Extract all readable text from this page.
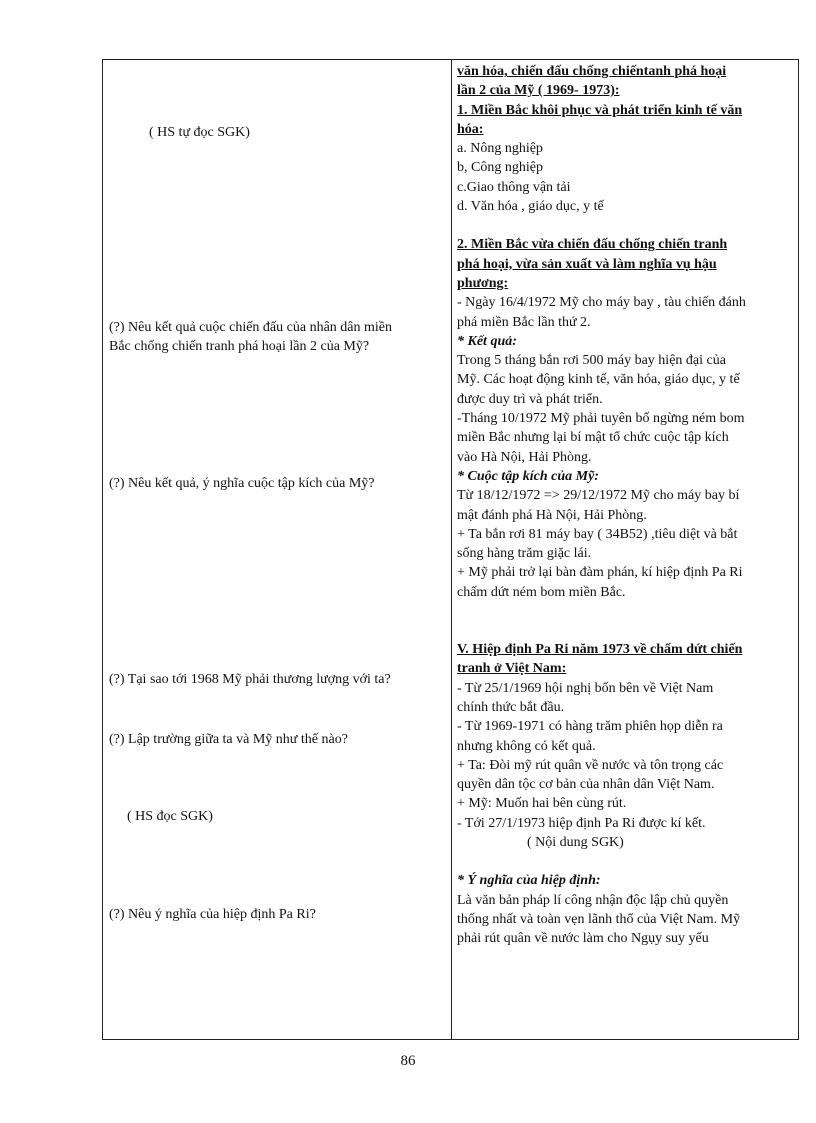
( HS tự đọc SGK)
(?) Nêu kết quả cuộc chiến đấu của nhân dân miền
Bắc chống chiến tranh phá hoại lần 2 của Mỹ?
(?) Nêu kết quả, ý nghĩa cuộc tập kích của Mỹ?
(?) Tại sao tới 1968 Mỹ phải thương lượng với ta?
(?) Lập trường giữa ta và Mỹ như thế nào?
( HS đọc SGK)
(?) Nêu ý nghĩa của hiệp định Pa Ri?
văn hóa, chiến đấu chống chiếntanh phá hoại
lần 2 của Mỹ ( 1969- 1973):
1. Miền Bắc khôi phục và phát triển kinh tế văn
hóa:
a. Nông nghiệp
b, Công nghiệp
c.Giao thông vận tải
d. Văn hóa , giáo dục, y tế
2. Miền Bắc vừa chiến đấu chống chiến tranh
phá hoại, vừa sản xuất và làm nghĩa vụ hậu
phương:
- Ngày 16/4/1972 Mỹ cho máy bay , tàu chiến đánh
phá miền Bắc lần thứ 2.
* Kết quả:
Trong 5 tháng bắn rơi 500 máy bay hiện đại của
Mỹ. Các hoạt động kinh tế, văn hóa, giáo dục, y tế
được duy trì và phát triển.
-Tháng 10/1972 Mỹ phải tuyên bố ngừng ném bom
miền Bắc nhưng lại bí mật tổ chức cuộc tập kích
vào Hà Nội, Hải Phòng.
* Cuộc tập kích của Mỹ:
Từ 18/12/1972 => 29/12/1972 Mỹ cho máy bay bí
mật đánh phá Hà Nội, Hải Phòng.
+ Ta bắn rơi 81 máy bay ( 34B52) ,tiêu diệt và bắt
sống hàng trăm giặc lái.
+ Mỹ phải trở lại bàn đàm phán, kí hiệp định Pa Ri
chấm dứt ném bom miền Bắc.
V. Hiệp định Pa Ri năm 1973 về chấm dứt chiến
tranh ở Việt Nam:
- Từ 25/1/1969 hội nghị bốn bên về Việt Nam
chính thức bắt đầu.
- Từ 1969-1971 có hàng trăm phiên họp diễn ra
nhưng không có kết quả.
+ Ta: Đòi mỹ rút quân về nước và tôn trọng các
quyền dân tộc cơ bản của nhân dân Việt Nam.
+ Mỹ: Muốn hai bên cùng rút.
- Tới 27/1/1973 hiệp định Pa Ri được kí kết.
( Nội dung SGK)
* Ý nghĩa của hiệp định:
Là văn bản pháp lí công nhận độc lập chủ quyền
thống nhất và toàn vẹn lãnh thổ của Việt Nam. Mỹ
phải rút quân về nước làm cho Ngụy suy yếu
86
